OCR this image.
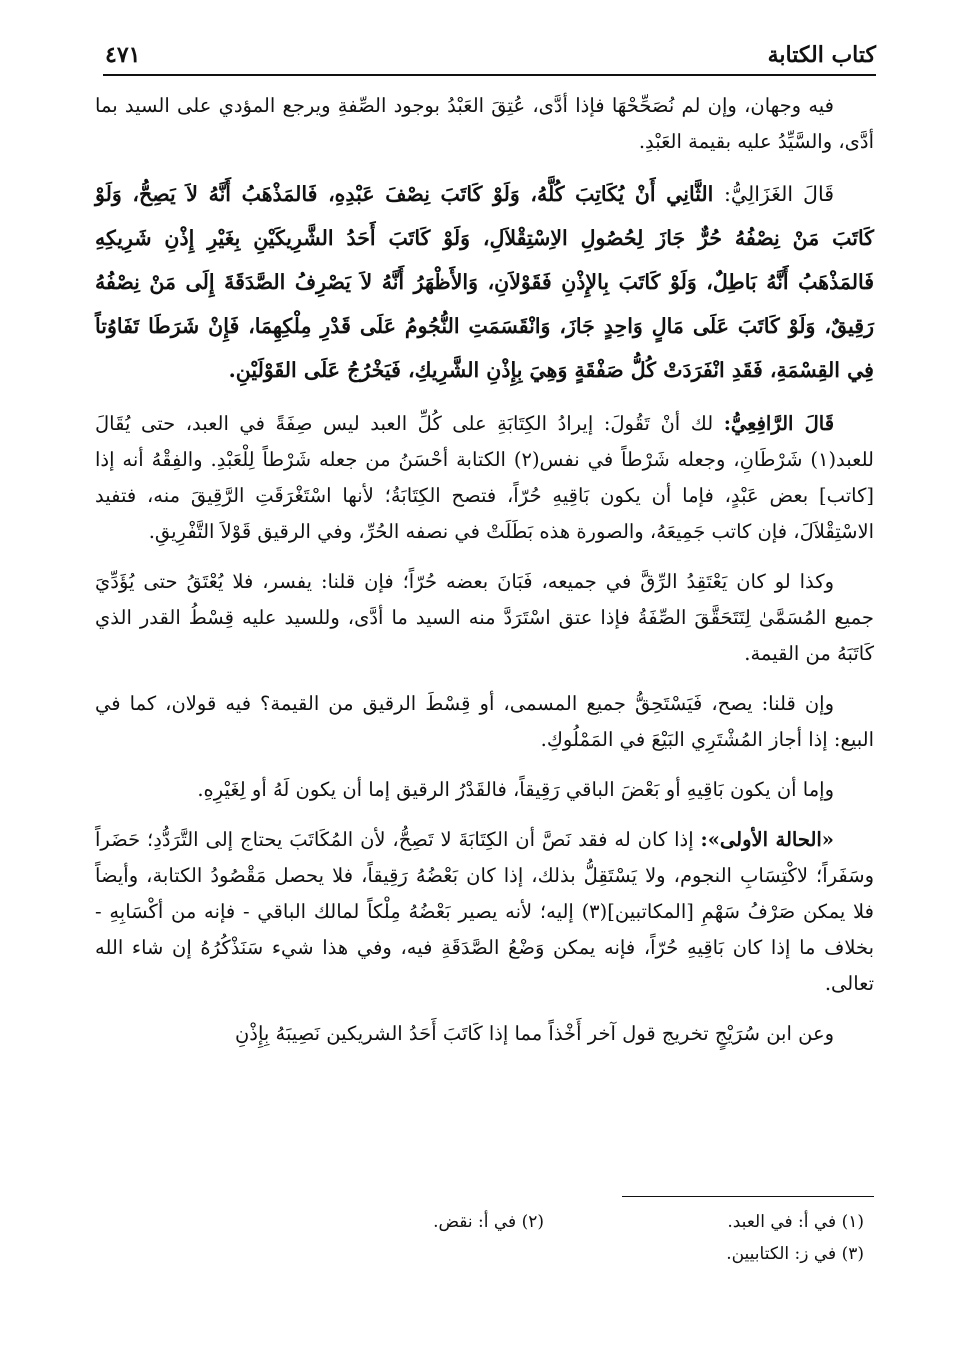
كتاب الكتابة
٤٧١

فيه وجهان، وإن لم نُصَحِّحْهَا فإذا أدَّى، عُتِقَ العَبْدُ بوجود الصِّفةِ ويرجع المؤدي على السيد بما أدَّى، والسَّيِّدُ عليه بقيمة العَبْدِ.

قَالَ الغَزَالِيُّ: الثَّانِي أَنْ يُكَاتِبَ كُلَّهُ، وَلَوْ كَاتَبَ نِصْفَ عَبْدِهِ، فَالمَذْهَبُ أَنَّهُ لاَ يَصِحُّ، وَلَوْ كَاتَبَ مَنْ نِصْفُهُ حُرٌّ جَازَ لِحُصُولِ الاِسْتِقْلاَلِ، وَلَوْ كَاتَبَ أَحَدُ الشَّرِيكَيْنِ بِغَيْرِ إِذْنِ شَرِيكِهِ فَالمَذْهَبُ أَنَّهُ بَاطِلٌ، وَلَوْ كَاتَبَ بِالإِذْنِ فَقَوْلاَنِ، وَالأَظْهَرُ أَنَّهُ لاَ يَصْرِفُ الصَّدَقَةَ إِلَى مَنْ نِصْفُهُ رَقِيقٌ، وَلَوْ كَاتَبَ عَلَى مَالٍ وَاحِدٍ جَازَ، وَانْقَسَمَتِ النُّجُومُ عَلَى قَدْرِ مِلْكِهِمَا، فَإِنْ شَرَطَا تَفَاوُتاً فِي القِسْمَةِ، فَقَدِ انْفَرَدَتْ كُلُّ صَفْقَةٍ وَهِيَ بِإِذْنِ الشَّرِيكِ، فَيَخْرُجُ عَلَى القَوْلَيْنِ.

قَالَ الرَّافِعِيُّ: لك أنْ تَقُولَ: إيرادُ الكِتَابَةِ على كُلِّ العبد ليس صِفَةً في العبد، حتى يُقَالَ للعبد(١) شَرْطَانِ، وجعله شَرْطاً في نفس(٢) الكتابة أحْسَنُ من جعله شَرْطاً لِلْعَبْدِ. والفِقْهُ أنه إذا [كاتب] بعض عَبْدٍ، فإما أن يكون بَاقِيهِ حُرّاً، فتصح الكِتَابَةُ؛ لأنها اسْتَغْرَقَتِ الرَّقِيقَ منه، فتفيد الاسْتِقْلاَلَ، فإن كاتب جَمِيعَهُ، والصورة هذه بَطَلَتْ في نصفه الحُرِّ، وفي الرقيق قَوْلاَ التَّفْرِيقِ.

وكذا لو كان يَعْتَقِدُ الرِّقَّ في جميعه، فَبَانَ بعضه حُرّاً؛ فإن قلنا: يفسر، فلا يُعْتَقُ حتى يُؤَدِّيَ جميع المُسَمَّىٰ لِتَتَحَقَّقَ الصِّفَةُ فإذا عتق اسْتَرَدَّ منه السيد ما أدَّى، وللسيد عليه قِسْطُ القدر الذي كَاتَبَهُ من القيمة.

وإن قلنا: يصح، فَيَسْتَحِقُّ جميع المسمى، أو قِسْطَ الرقيق من القيمة؟ فيه قولان، كما في البيع: إذا أجاز المُشْتَرِي البَيْعَ في المَمْلُوكِ.

وإما أن يكون بَاقِيهِ أو بَعْضَ الباقي رَقِيقاً، فالقَدْرُ الرقيق إما أن يكون لَهُ أو لِغَيْرِهِ.

«الحالة الأولى»: إذا كان له فقد نَصَّ أن الكِتَابَةَ لا تَصِحُّ، لأن المُكَاتَبَ يحتاج إلى التَّرَدُّدِ؛ حَضَراً وسَفَراً؛ لاكْتِسَابِ النجوم، ولا يَسْتَقِلُّ بذلك، إذا كان بَعْضُهُ رَقِيقاً، فلا يحصل مَقْصُودُ الكتابة، وأيضاً فلا يمكن صَرْفُ سَهْمِ [المكاتبين](٣) إليه؛ لأنه يصير بَعْضُهُ مِلْكاً لمالك الباقي - فإنه من أكْسَابِهِ - بخلاف ما إذا كان بَاقِيهِ حُرّاً، فإنه يمكن وَضْعُ الصَّدَقَةِ فيه، وفي هذا شيء سَنَذْكُرُهُ إن شاء الله تعالى.

وعن ابن سُرَيْجٍ تخريج قول آخر أَخْذاً مما إذا كَاتَبَ أَحَدُ الشريكين نَصِيبَهُ بِإِذْنِ

(١) في أ: في العبد.
(٢) في أ: نقض.
(٣) في ز: الكتابيين.
